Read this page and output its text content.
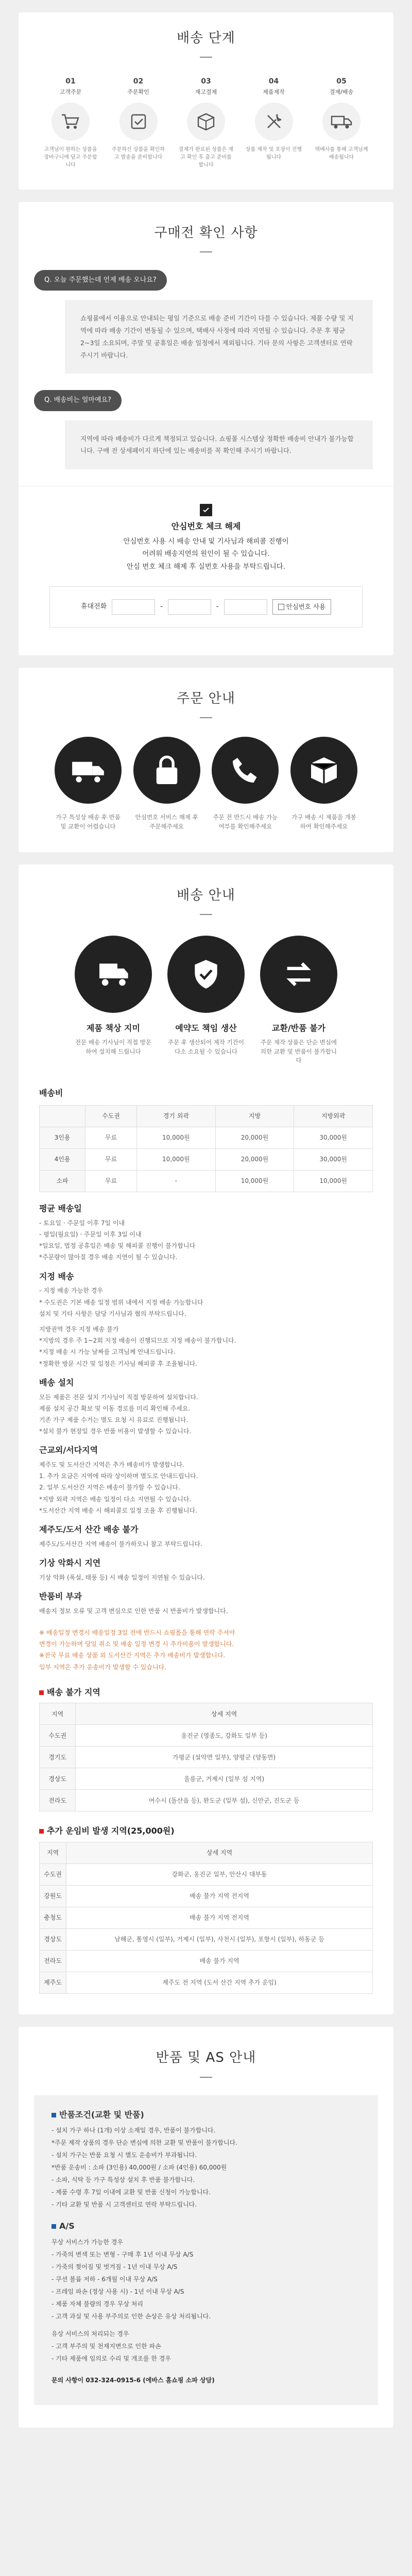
배송 단계
01
고객주문
고객님이 원하는 상품을 장바구니에 담고 주문합니다
02
주문확인
주문하신 상품을 확인하고 발송을 준비합니다
03
재고결제
결제가 완료된 상품은 재고 확인 후 출고 준비를 합니다
04
제품제작
상품 제작 및 포장이 진행됩니다
05
결제/배송
택배사를 통해 고객님께 배송됩니다
구매전 확인 사항
Q. 오늘 주문했는데 언제 배송 오나요?
쇼핑몰에서 이용으로 안내되는 평일 기준으로 배송 준비 기간이 다를 수 있습니다. 제품 수량 및 지역에 따라 배송 기간이 변동될 수 있으며, 택배사 사정에 따라 지연될 수 있습니다. 주문 후 평균 2~3일 소요되며, 주말 및 공휴일은 배송 일정에서 제외됩니다. 기타 문의 사항은 고객센터로 연락 주시기 바랍니다.
Q. 배송비는 얼마예요?
지역에 따라 배송비가 다르게 책정되고 있습니다. 쇼핑몰 시스템상 정확한 배송비 안내가 불가능합니다. 구매 전 상세페이지 하단에 있는 배송비를 꼭 확인해 주시기 바랍니다.
안심번호 체크 해제

안심번호 사용 시 배송 안내 및 기사님과 해피콜 진행이

어려워 배송지연의 원인이 될 수 있습니다.

안심 번호 체크 해제 후 실번호 사용을 부탁드립니다.

휴대전화	-	-	안심번호 사용
주문 안내
가구 특성상 배송 후 반품 및 교환이 어렵습니다
안심번호 서비스 해제 후 주문해주세요
주문 전 반드시 배송 가능 여부를 확인해주세요
가구 배송 시 제품을 개봉하여 확인해주세요
배송 안내
제품 책상 지미
전문 배송 기사님이 직접 방문하여 설치해 드립니다
예약도 책임 생산
주문 후 생산되어 제작 기간이 다소 소요될 수 있습니다
교환/반품 불가
주문 제작 상품은 단순 변심에 의한 교환 및 반품이 불가합니다
배송비
	수도권	경기 외곽	지방	지방외곽
3인용	무료	10,000원	20,000원	30,000원
4인용	무료	10,000원	20,000원	30,000원
소파	무료	-	10,000원	10,000원
평균 배송일
- 토요일 · 주문일 이후 7일 이내
- 평일(월요일) · 주문일 이후 3일 이내
*일요일, 법정 공휴일은 배송 및 해피콜 진행이 불가합니다
*주문량이 많아질 경우 배송 지연이 될 수 있습니다.
지정 배송
- 지정 배송 가능한 경우
* 수도권은 기본 배송 일정 범위 내에서 지정 배송 가능합니다
설치 및 기타 사항은 담당 기사님과 협의 부탁드립니다.
지방권역 경우 지정 배송 불가
*지방의 경우 주 1~2회 지정 배송이 진행되므로 지정 배송이 불가합니다.
*지정 배송 시 가능 날짜를 고객님께 안내드립니다.
*정확한 방문 시간 및 일정은 기사님 해피콜 후 조율됩니다.
배송 설치
모든 제품은 전문 설치 기사님이 직접 방문하여 설치합니다.
제품 설치 공간 확보 및 이동 경로를 미리 확인해 주세요.
기존 가구 제품 수거는 별도 요청 시 유료로 진행됩니다.
*설치 불가 현장일 경우 반품 비용이 발생할 수 있습니다.
근교외/서다지역
제주도 및 도서산간 지역은 추가 배송비가 발생합니다.
1. 추가 요금은 지역에 따라 상이하며 별도로 안내드립니다.
2. 일부 도서산간 지역은 배송이 불가할 수 있습니다.
*지방 외곽 지역은 배송 일정이 다소 지연될 수 있습니다.
*도서산간 지역 배송 시 해피콜로 일정 조율 후 진행됩니다.
제주도/도서 산간 배송 불가
제주도/도서산간 지역 배송이 불가하오니 참고 부탁드립니다.
기상 악화시 지연
기상 악화 (폭설, 태풍 등) 시 배송 일정이 지연될 수 있습니다.
반품비 부과
배송지 정보 오류 및 고객 변심으로 인한 반품 시 반품비가 발생합니다.
※ 배송일정 변경시 배송일정 3일 전에 반드시 쇼핑몰을 통해 연락 주셔야
변경이 가능하며 당일 취소 및 배송 일정 변경 시 추가비용이 발생합니다.
※전국 무료 배송 상품 외 도서산간 지역은 추가 배송비가 발생합니다.
일부 지역은 추가 운송비가 발생할 수 있습니다.
배송 불가 지역
지역	상세 지역
수도권	옹진군 (영종도, 강화도 일부 등)
경기도	가평군 (설악면 일부), 양평군 (양동면)
경상도	울릉군, 거제시 (일부 섬 지역)
전라도	여수시 (돌산읍 등), 완도군 (일부 섬), 신안군, 진도군 등
추가 운임비 발생 지역(25,000원)
지역	상세 지역
수도권	강화군, 옹진군 일부, 안산시 대부동
강원도	배송 불가 지역 전지역
충청도	배송 불가 지역 전지역
경상도	남해군, 통영시 (일부), 거제시 (일부), 사천시 (일부), 포항시 (일부), 하동군 등
전라도	배송 불가 지역
제주도	제주도 전 지역 (도서 산간 지역 추가 운임)
반품 및 AS 안내
반품조건(교환 및 반품)
- 설치 가구 하나 (1개) 이상 소재일 경우, 반품이 불가합니다.
*주문 제작 상품의 경우 단순 변심에 의한 교환 및 반품이 불가합니다.
- 설치 가구는 반품 요청 시 별도 운송비가 부과됩니다.
*반품 운송비 : 소파 (3인용) 40,000원 / 소파 (4인용) 60,000원
- 소파, 식탁 등 가구 특성상 설치 후 반품 불가합니다.
- 제품 수령 후 7일 이내에 교환 및 반품 신청이 가능합니다.
- 기타 교환 및 반품 시 고객센터로 연락 부탁드립니다.
A/S
무상 서비스가 가능한 경우
- 가죽의 변색 또는 변형 - 구매 후 1년 이내 무상 A/S
- 가죽의 찢어짐 및 벗겨짐 - 1년 이내 무상 A/S
- 쿠션 볼륨 저하 - 6개월 이내 무상 A/S
- 프레임 파손 (정상 사용 시) - 1년 이내 무상 A/S
- 제품 자체 불량의 경우 무상 처리
- 고객 과실 및 사용 부주의로 인한 손상은 유상 처리됩니다.
유상 서비스의 처리되는 경우
- 고객 부주의 및 천재지변으로 인한 파손
- 기타 제품에 임의로 수리 및 개조를 한 경우
문의 사항이 032-324-0915-6 (에바스 홈쇼핑 소파 상담)
